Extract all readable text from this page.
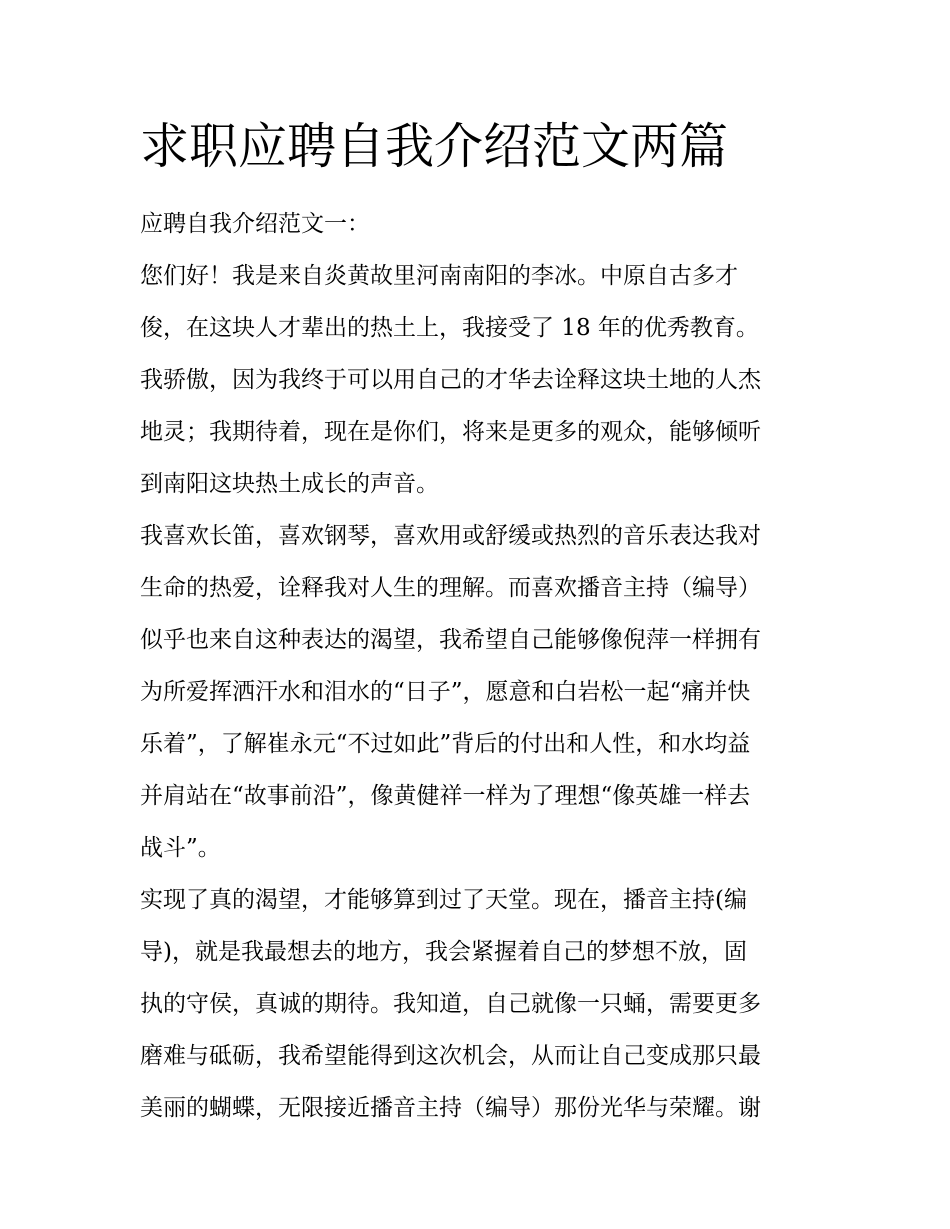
求职应聘自我介绍范文两篇

应聘自我介绍范文一：

您们好！我是来自炎黄故里河南南阳的李冰。中原自古多才

俊，在这块人才辈出的热土上，我接受了 18 年的优秀教育。

我骄傲，因为我终于可以用自己的才华去诠释这块土地的人杰

地灵；我期待着，现在是你们，将来是更多的观众，能够倾听

到南阳这块热土成长的声音。

我喜欢长笛，喜欢钢琴，喜欢用或舒缓或热烈的音乐表达我对

生命的热爱，诠释我对人生的理解。而喜欢播音主持（编导）

似乎也来自这种表达的渴望，我希望自己能够像倪萍一样拥有

为所爱挥洒汗水和泪水的“日子”，愿意和白岩松一起“痛并快

乐着”，了解崔永元“不过如此”背后的付出和人性，和水均益

并肩站在“故事前沿”，像黄健祥一样为了理想“像英雄一样去

战斗”。

实现了真的渴望，才能够算到过了天堂。现在，播音主持(编

导)，就是我最想去的地方，我会紧握着自己的梦想不放，固

执的守侯，真诚的期待。我知道，自己就像一只蛹，需要更多

磨难与砥砺，我希望能得到这次机会，从而让自己变成那只最

美丽的蝴蝶，无限接近播音主持（编导）那份光华与荣耀。谢
